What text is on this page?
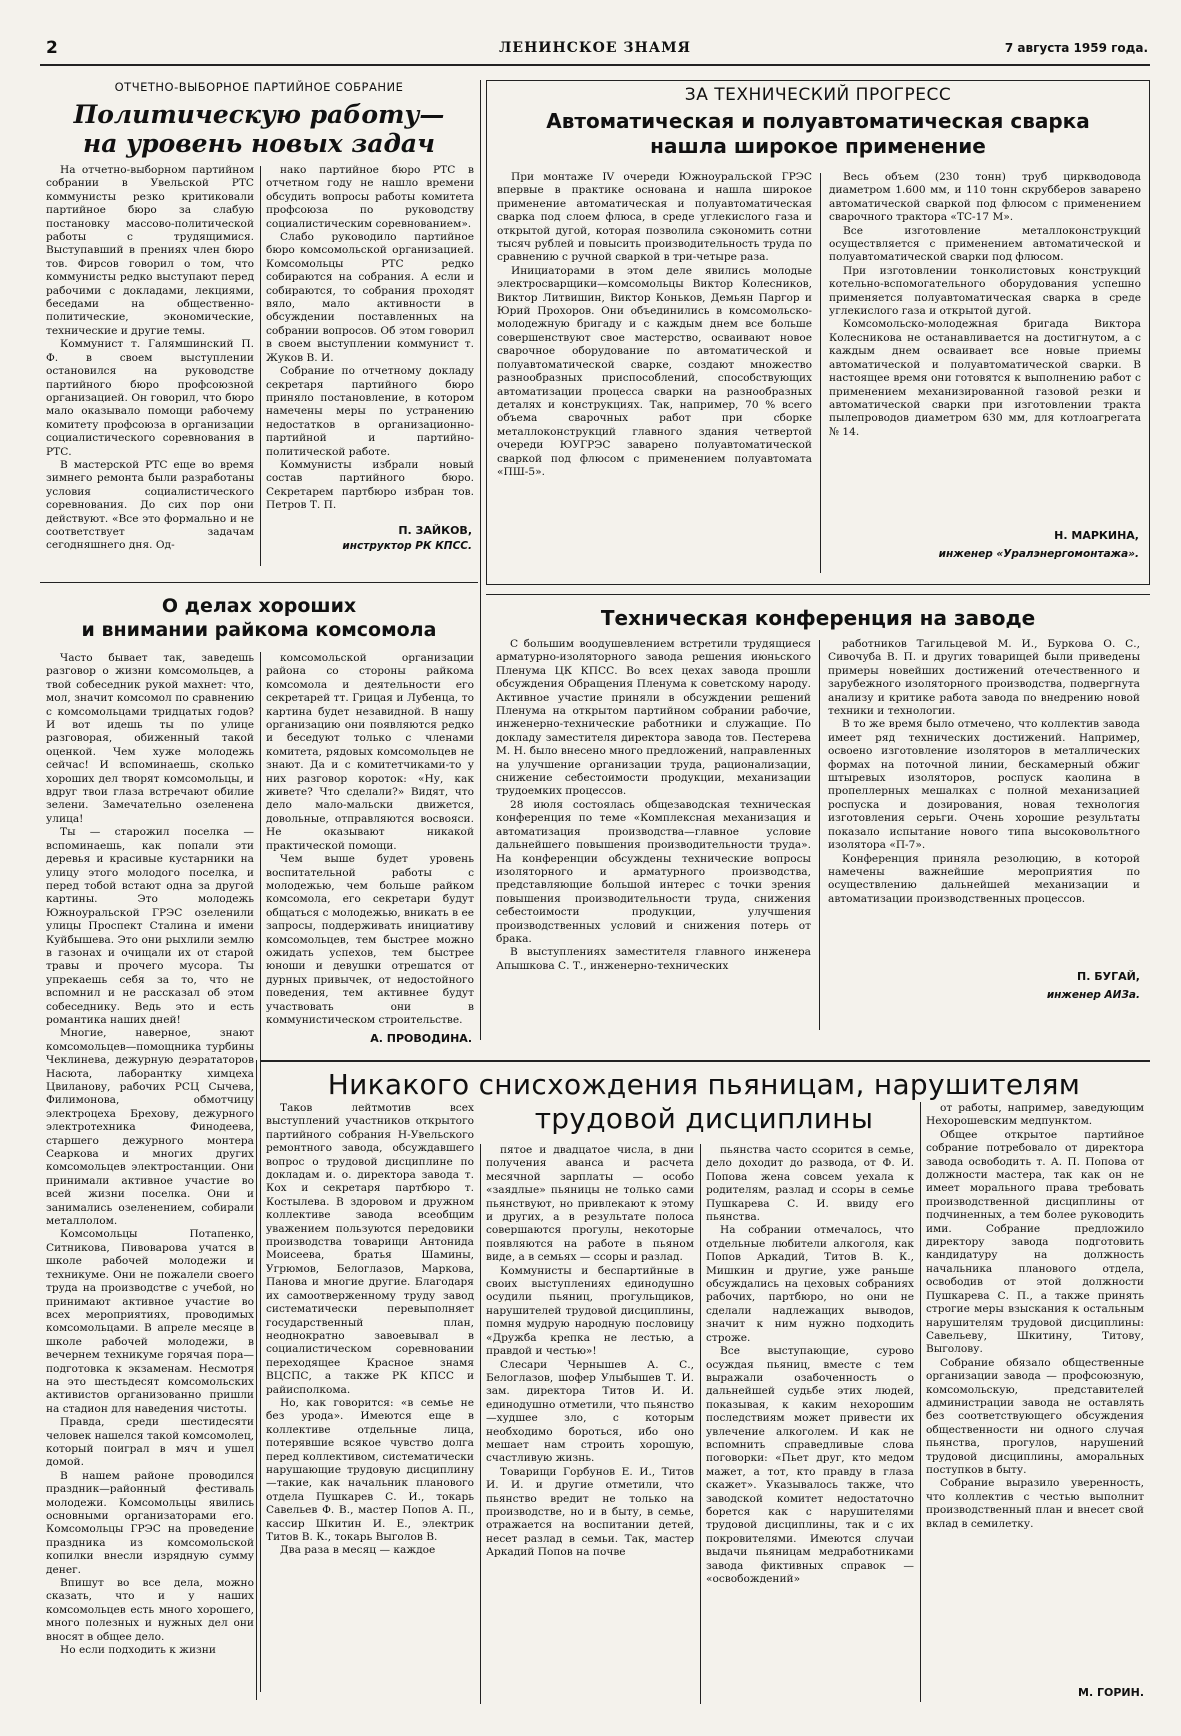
2	ЛЕНИНСКОЕ ЗНАМЯ	7 августа 1959 года.
ОТЧЕТНО-ВЫБОРНОЕ ПАРТИЙНОЕ СОБРАНИЕ
Политическую работу—
на уровень новых задач

На отчетно-выборном партийном собрании в Увельской РТС коммунисты резко критиковали партийное бюро за слабую постановку массово-политической работы с трудящимися. Выступавший в прениях член бюро тов. Фирсов говорил о том, что коммунисты редко выступают перед рабочими с докладами, лекциями, беседами на общественно-политические, экономические, технические и другие темы.

Коммунист т. Галямшинский П. Ф. в своем выступлении остановился на руководстве партийного бюро профсоюзной организацией. Он говорил, что бюро мало оказывало помощи рабочему комитету профсоюза в организации социалистического соревнования в РТС.

В мастерской РТС еще во время зимнего ремонта были разработаны условия социалистического соревнования. До сих пор они действуют. «Все это формально и не соответствует задачам сегодняшнего дня. Од-

нако партийное бюро РТС в отчетном году не нашло времени обсудить вопросы работы комитета профсоюза по руководству социалистическим соревнованием».

Слабо руководило партийное бюро комсомольской организацией. Комсомольцы РТС редко собираются на собрания. А если и собираются, то собрания проходят вяло, мало активности в обсуждении поставленных на собрании вопросов. Об этом говорил в своем выступлении коммунист т. Жуков В. И.

Собрание по отчетному докладу секретаря партийного бюро приняло постановление, в котором намечены меры по устранению недостатков в организационно-партийной и партийно-политической работе.

Коммунисты избрали новый состав партийного бюро. Секретарем партбюро избран тов. Петров Т. П.

П. ЗАЙКОВ,
инструктор РК КПСС.
ЗА ТЕХНИЧЕСКИЙ ПРОГРЕСС
Автоматическая и полуавтоматическая сварка
нашла широкое применение

При монтаже IV очереди Южноуральской ГРЭС впервые в практике основана и нашла широкое применение автоматическая и полуавтоматическая сварка под слоем флюса, в среде углекислого газа и открытой дугой, которая позволила сэкономить сотни тысяч рублей и повысить производительность труда по сравнению с ручной сваркой в три-четыре раза.

Инициаторами в этом деле явились молодые электросварщики—комсомольцы Виктор Колесников, Виктор Литвишин, Виктор Коньков, Демьян Паргор и Юрий Прохоров. Они объединились в комсомольско-молодежную бригаду и с каждым днем все больше совершенствуют свое мастерство, осваивают новое сварочное оборудование по автоматической и полуавтоматической сварке, создают множество разнообразных приспособлений, способствующих автоматизации процесса сварки на разнообразных деталях и конструкциях. Так, например, 70 % всего объема сварочных работ при сборке металлоконструкций главного здания четвертой очереди ЮУГРЭС заварено полуавтоматической сваркой под флюсом с применением полуавтомата «ПШ-5».

Весь объем (230 тонн) труб циркводовода диаметром 1.600 мм, и 110 тонн скрубберов заварено автоматической сваркой под флюсом с применением сварочного трактора «ТС-17 М».

Все изготовление металлоконструкций осуществляется с применением автоматической и полуавтоматической сварки под флюсом.

При изготовлении тонколистовых конструкций котельно-вспомогательного оборудования успешно применяется полуавтоматическая сварка в среде углекислого газа и открытой дугой.

Комсомольско-молодежная бригада Виктора Колесникова не останавливается на достигнутом, а с каждым днем осваивает все новые приемы автоматической и полуавтоматической сварки. В настоящее время они готовятся к выполнению работ с применением механизированной газовой резки и автоматической сварки при изготовлении тракта пылепроводов диаметром 630 мм, для котлоагрегата № 14.

Н. МАРКИНА,
инженер «Уралэнергомонтажа».
О делах хороших
и внимании райкома комсомола

Часто бывает так, заведешь разговор о жизни комсомольцев, а твой собеседник рукой махнет: что, мол, значит комсомол по сравнению с комсомольцами тридцатых годов? И вот идешь ты по улице разговорая, обиженный такой оценкой. Чем хуже молодежь сейчас! И вспоминаешь, сколько хороших дел творят комсомольцы, и вдруг твои глаза встречают обилие зелени. Замечательно озеленена улица!

Ты — старожил поселка — вспоминаешь, как попали эти деревья и красивые кустарники на улицу этого молодого поселка, и перед тобой встают одна за другой картины. Это молодежь Южноуральской ГРЭС озеленили улицы Проспект Сталина и имени Куйбышева. Это они рыхлили землю в газонах и очищали их от старой травы и прочего мусора. Ты упрекаешь себя за то, что не вспомнил и не рассказал об этом собеседнику. Ведь это и есть романтика наших дней!

Многие, наверное, знают комсомольцев—помощника турбины Чеклинева, дежурную деэрататоров Насюта, лаборантку химцеха Цвиланову, рабочих РСЦ Сычева, Филимонова, обмотчицу электроцеха Брехову, дежурного электротехника Финодеева, старшего дежурного монтера Сеаркова и многих других комсомольцев электростанции. Они принимали активное участие во всей жизни поселка. Они и занимались озеленением, собирали металлолом.

Комсомольцы Потапенко, Ситникова, Пивоварова учатся в школе рабочей молодежи и техникуме. Они не пожалели своего труда на производстве с учебой, но принимают активное участие во всех мероприятиях, проводимых комсомольцами. В апреле месяце в школе рабочей молодежи, в вечернем техникуме горячая пора—подготовка к экзаменам. Несмотря на это шестьдесят комсомольских активистов организованно пришли на стадион для наведения чистоты.

Правда, среди шестидесяти человек нашелся такой комсомолец, который поиграл в мяч и ушел домой.

В нашем районе проводился праздник—районный фестиваль молодежи. Комсомольцы явились основными организаторами его. Комсомольцы ГРЭС на проведение праздника из комсомольской копилки внесли изрядную сумму денег.

Впишут во все дела, можно сказать, что и у наших комсомольцев есть много хорошего, много полезных и нужных дел они вносят в общее дело.

Но если подходить к жизни

комсомольской организации района со стороны райкома комсомола и деятельности его секретарей тт. Грицая и Лубенца, то картина будет незавидной. В нашу организацию они появляются редко и беседуют только с членами комитета, рядовых комсомольцев не знают. Да и с комитетчиками-то у них разговор короток: «Ну, как живете? Что сделали?» Видят, что дело мало-мальски движется, довольные, отправляются восвояси. Не оказывают никакой практической помощи.

Чем выше будет уровень воспитательной работы с молодежью, чем больше райком комсомола, его секретари будут общаться с молодежью, вникать в ее запросы, поддерживать инициативу комсомольцев, тем быстрее можно ожидать успехов, тем быстрее юноши и девушки отрешатся от дурных привычек, от недостойного поведения, тем активнее будут участвовать они в коммунистическом строительстве.

А. ПРОВОДИНА.
Техническая конференция на заводе

С большим воодушевлением встретили трудящиеся арматурно-изоляторного завода решения июньского Пленума ЦК КПСС. Во всех цехах завода прошли обсуждения Обращения Пленума к советскому народу. Активное участие приняли в обсуждении решений Пленума на открытом партийном собрании рабочие, инженерно-технические работники и служащие. По докладу заместителя директора завода тов. Пестерева М. Н. было внесено много предложений, направленных на улучшение организации труда, рационализации, снижение себестоимости продукции, механизации трудоемких процессов.

28 июля состоялась общезаводская техническая конференция по теме «Комплексная механизация и автоматизация производства—главное условие дальнейшего повышения производительности труда». На конференции обсуждены технические вопросы изоляторного и арматурного производства, представляющие большой интерес с точки зрения повышения производительности труда, снижения себестоимости продукции, улучшения производственных условий и снижения потерь от брака.

В выступлениях заместителя главного инженера Апышкова С. Т., инженерно-технических

работников Тагильцевой М. И., Буркова О. С., Сивочуба В. П. и других товарищей были приведены примеры новейших достижений отечественного и зарубежного изоляторного производства, подвергнута анализу и критике работа завода по внедрению новой техники и технологии.

В то же время было отмечено, что коллектив завода имеет ряд технических достижений. Например, освоено изготовление изоляторов в металлических формах на поточной линии, бескамерный обжиг штыревых изоляторов, роспуск каолина в пропеллерных мешалках с полной механизацией роспуска и дозирования, новая технология изготовления серьги. Очень хорошие результаты показало испытание нового типа высоковольтного изолятора «П-7».

Конференция приняла резолюцию, в которой намечены важнейшие мероприятия по осуществлению дальнейшей механизации и автоматизации производственных процессов.

П. БУГАЙ,
инженер АИЗа.
Никакого снисхождения пьяницам, нарушителям
трудовой дисциплины

Таков лейтмотив всех выступлений участников открытого партийного собрания Н-Увельского ремонтного завода, обсуждавшего вопрос о трудовой дисциплине по докладам и. о. директора завода т. Кох и секретаря партбюро т. Костылева. В здоровом и дружном коллективе завода всеобщим уважением пользуются передовики производства товарищи Антонида Моисеева, братья Шамины, Угрюмов, Белоглазов, Маркова, Панова и многие другие. Благодаря их самоотверженному труду завод систематически перевыполняет государственный план, неоднократно завоевывал в социалистическом соревновании переходящее Красное знамя ВЦСПС, а также РК КПСС и райисполкома.

Но, как говорится: «в семье не без урода». Имеются еще в коллективе отдельные лица, потерявшие всякое чувство долга перед коллективом, систематически нарушающие трудовую дисциплину —такие, как начальник планового отдела Пушкарев С. И., токарь Савельев Ф. В., мастер Попов А. П., кассир Шкитин И. Е., электрик Титов В. К., токарь Выголов В.

Два раза в месяц — каждое

пятое и двадцатое числа, в дни получения аванса и расчета месячной зарплаты — особо «заядлые» пьяницы не только сами пьянствуют, но привлекают к этому и других, а в результате полоса совершаются прогулы, некоторые появляются на работе в пьяном виде, а в семьях — ссоры и разлад.

Коммунисты и беспартийные в своих выступлениях единодушно осудили пьяниц, прогульщиков, нарушителей трудовой дисциплины, помня мудрую народную пословицу «Дружба крепка не лестью, а правдой и честью»!

Слесари Чернышев А. С., Белоглазов, шофер Улыбышев Т. И. зам. директора Титов И. И. единодушно отметили, что пьянство—худшее зло, с которым необходимо бороться, ибо оно мешает нам строить хорошую, счастливую жизнь.

Товарищи Горбунов Е. И., Титов И. И. и другие отметили, что пьянство вредит не только на производстве, но и в быту, в семье, отражается на воспитании детей, несет разлад в семьи. Так, мастер Аркадий Попов на почве

пьянства часто ссорится в семье, дело доходит до развода, от Ф. И. Попова жена совсем уехала к родителям, разлад и ссоры в семье Пушкарева С. И. ввиду его пьянства.

На собрании отмечалось, что отдельные любители алкоголя, как Попов Аркадий, Титов В. К., Мишкин и другие, уже раньше обсуждались на цеховых собраниях рабочих, партбюро, но они не сделали надлежащих выводов, значит к ним нужно подходить строже.

Все выступающие, сурово осуждая пьяниц, вместе с тем выражали озабоченность о дальнейшей судьбе этих людей, показывая, к каким нехорошим последствиям может привести их увлечение алкоголем. И как не вспомнить справедливые слова поговорки: «Пьет друг, кто медом мажет, а тот, кто правду в глаза скажет». Указывалось также, что заводской комитет недостаточно борется как с нарушителями трудовой дисциплины, так и с их покровителями. Имеются случаи выдачи пьяницам медработниками завода фиктивных справок — «освобождений»

от работы, например, заведующим Нехорошевским медпунктом.

Общее открытое партийное собрание потребовало от директора завода освободить т. А. П. Попова от должности мастера, так как он не имеет морального права требовать производственной дисциплины от подчиненных, а тем более руководить ими. Собрание предложило директору завода подготовить кандидатуру на должность начальника планового отдела, освободив от этой должности Пушкарева С. П., а также принять строгие меры взыскания к остальным нарушителям трудовой дисциплины: Савельеву, Шкитину, Титову, Выголову.

Собрание обязало общественные организации завода — профсоюзную, комсомольскую, представителей администрации завода не оставлять без соответствующего обсуждения общественности ни одного случая пьянства, прогулов, нарушений трудовой дисциплины, аморальных поступков в быту.

Собрание выразило уверенность, что коллектив с честью выполнит производственный план и внесет свой вклад в семилетку.

М. ГОРИН.
